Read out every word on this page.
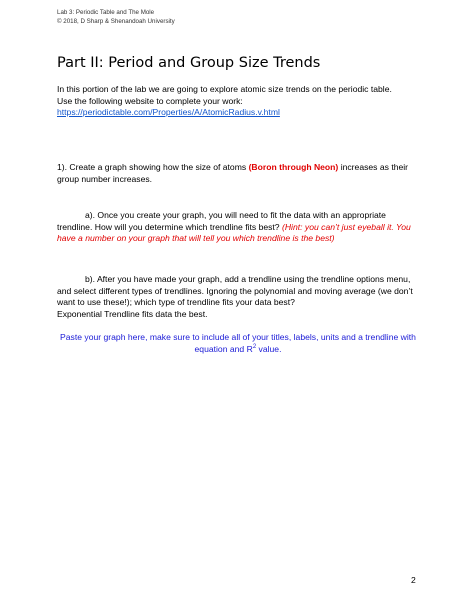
Lab 3: Periodic Table and The Mole
© 2018, D Sharp & Shenandoah University
Part II: Period and Group Size Trends
In this portion of the lab we are going to explore atomic size trends on the periodic table.
Use the following website to complete your work:
https://periodictable.com/Properties/A/AtomicRadius.v.html
1). Create a graph showing how the size of atoms (Boron through Neon) increases as their group number increases.
a). Once you create your graph, you will need to fit the data with an appropriate trendline. How will you determine which trendline fits best? (Hint: you can’t just eyeball it. You have a number on your graph that will tell you which trendline is the best)
b). After you have made your graph, add a trendline using the trendline options menu, and select different types of trendlines. Ignoring the polynomial and moving average (we don’t want to use these!); which type of trendline fits your data best?
Exponential Trendline fits data the best.
Paste your graph here, make sure to include all of your titles, labels, units and a trendline with
equation and $R^2$ value.
2
